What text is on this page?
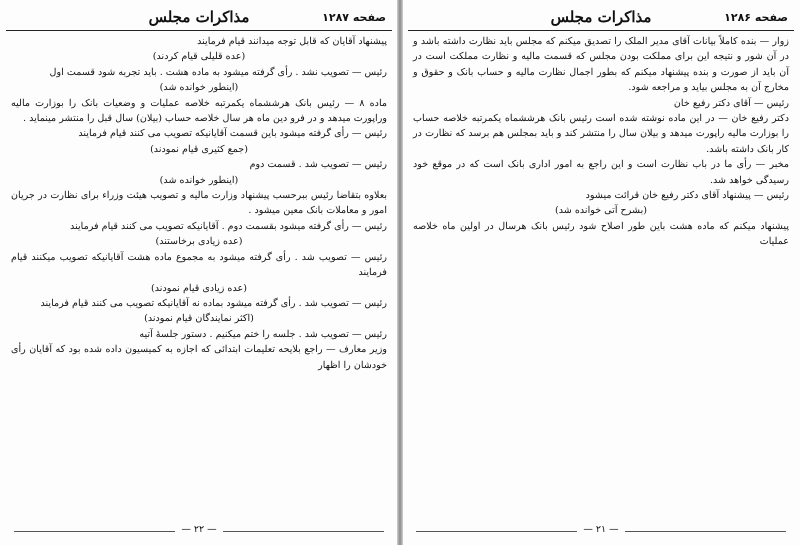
صفحه ۱۲۸۷
مذاکرات مجلس

پیشنهاد آقایان که قابل توجه میدانند قیام فرمایند

(عده قلیلی قیام کردند)

رئیس — تصویب نشد . رأی گرفته میشود به ماده هشت . باید تجربه شود قسمت اول

(اینطور خوانده شد)

ماده ۸ — رئیس بانک هرششماه یکمرتبه خلاصه عملیات و وضعیات بانک را بوزارت ماليه وراپورت میدهد و در فرو دین ماه هر سال خلاصه حساب (بیلان) سال قبل را منتشر مینماید .

رئیس — رأی گرفته میشود باین قسمت آقایانیکه تصویب می کنند قیام فرمایند

(جمع کثیری قیام نمودند)

رئیس — تصویب شد . قسمت دوم

(اینطور خوانده شد)

بعلاوه بتقاضا رئیس ببرحسب پیشنهاد وزارت مالیه و تصویب هیئت وزراء برای نظارت در جریان امور و معاملات بانک معین میشود .

رئیس — رأی گرفته میشود بقسمت دوم . آقایانیکه تصویب می کنند قیام فرمایند

(عده زیادی برخاستند)

رئیس — تصویب شد . رأی گرفته میشود به مجموع ماده هشت آقایانیکه تصویب میکنند قیام فرمایند

(عده زیادی قیام نمودند)

رئیس — تصویب شد . رأی گرفته میشود بماده نه آقایانیکه تصویب می کنند قیام فرمایند

(اکثر نمایندگان قیام نمودند)

رئیس — تصویب شد . جلسه را ختم میکنیم . دستور جلسهٔ آتیه

وزیر معارف — راجع بلایحه تعلیمات ابتدائی که اجازه به کمیسیون داده شده بود که آقایان رأی خودشان را اظهار

— ۲۲ —
صفحه ۱۲۸۶
مذاکرات مجلس

زوار — بنده کاملاً بیانات آقای مدیر الملک را تصدیق میکنم که مجلس باید نظارت داشته باشد و در آن شور و نتیجه این برای مملکت بودن مجلس که قسمت مالیه و نظارت مملکت است در آن باید از صورت و بنده پیشنهاد میکنم که بطور اجمال نظارت مالیه و حساب بانک و حقوق و مخارج آن به مجلس بیاید و مراجعه شود.

رئیس — آقای دکتر رفیع خان

دکتر رفیع خان — در این ماده نوشته شده است رئیس بانک هرششماه یکمرتبه خلاصه حساب را بوزارت ماليه راپورت میدهد و بیلان سال را منتشر کند و باید بمجلس هم برسد که نظارت در کار بانک داشته باشد.

مخبر — رأی ما در باب نظارت است و این راجع به امور اداری بانک است که در موقع خود رسیدگی خواهد شد.

رئیس — پیشنهاد آقای دکتر رفیع خان قرائت میشود

(بشرح آتی خوانده شد)

پیشنهاد میکنم که ماده هشت باین طور اصلاح شود رئیس بانک هرسال در اولین ماه خلاصه عملیات

— ۲۱ —
